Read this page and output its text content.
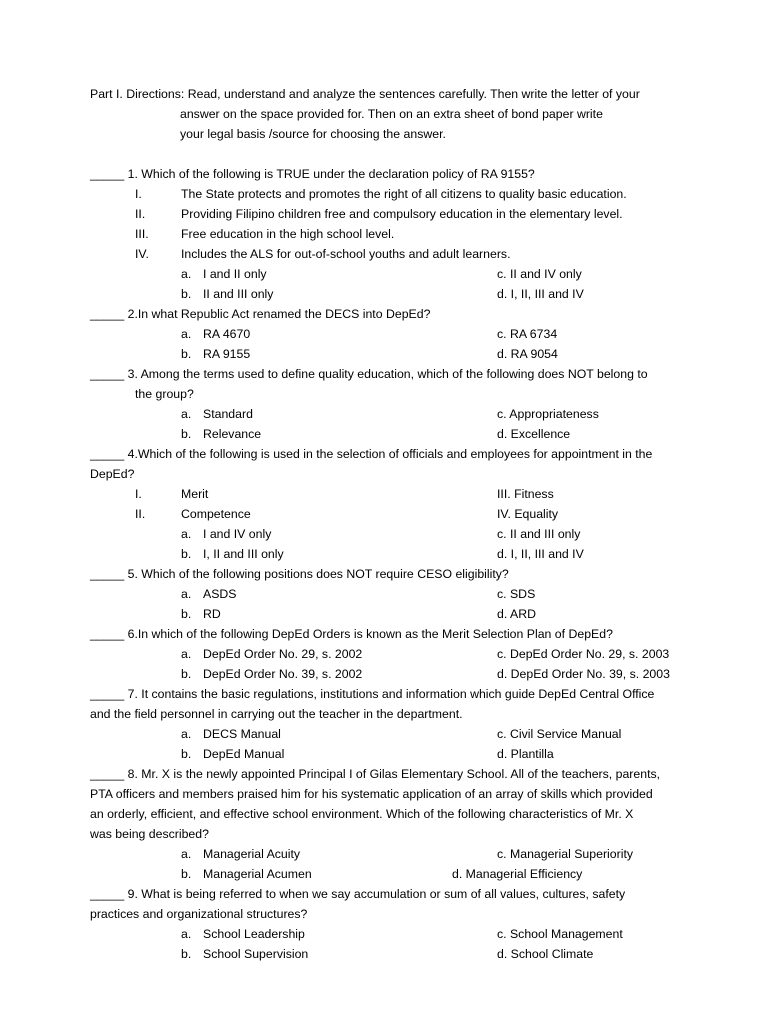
Part I. Directions: Read, understand and analyze the sentences carefully. Then write the letter of your
answer on the space provided for. Then on an extra sheet of bond paper write
your legal basis /source for choosing the answer.
_____ 1. Which of the following is TRUE under the declaration policy of RA 9155?
I.	The State protects and promotes the right of all citizens to quality basic education.
II.	Providing Filipino children free and compulsory education in the elementary level.
III.	Free education in the high school level.
IV.	Includes the ALS for out-of-school youths and adult learners.
a. I and II only	c. II and IV only
b. II and III only	d. I, II, III and IV
_____ 2.In what Republic Act renamed the DECS into DepEd?
a. RA 4670	c. RA 6734
b. RA 9155	d. RA 9054
_____ 3. Among the terms used to define quality education, which of the following does NOT belong to
the group?
a. Standard	c. Appropriateness
b. Relevance	d. Excellence
_____ 4.Which of the following is used in the selection of officials and employees for appointment in the
DepEd?
I.	Merit	III. Fitness
II.	Competence	IV. Equality
a. I and IV only	c. II and III only
b. I, II and III only	d. I, II, III and IV
_____ 5. Which of the following positions does NOT require CESO eligibility?
a. ASDS	c. SDS
b. RD	d. ARD
_____ 6.In which of the following DepEd Orders is known as the Merit Selection Plan of DepEd?
a. DepEd Order No. 29, s. 2002	c. DepEd Order No. 29, s. 2003
b. DepEd Order No. 39, s. 2002	d. DepEd Order No. 39, s. 2003
_____ 7. It contains the basic regulations, institutions and information which guide DepEd Central Office
and the field personnel in carrying out the teacher in the department.
a. DECS Manual	c. Civil Service Manual
b. DepEd Manual	d. Plantilla
_____ 8. Mr. X is the newly appointed Principal I of Gilas Elementary School. All of the teachers, parents,
PTA officers and members praised him for his systematic application of an array of skills which provided
an orderly, efficient, and effective school environment. Which of the following characteristics of Mr. X
was being described?
a. Managerial Acuity	c. Managerial Superiority
b. Managerial Acumen	d. Managerial Efficiency
_____ 9. What is being referred to when we say accumulation or sum of all values, cultures, safety
practices and organizational structures?
a. School Leadership	c. School Management
b. School Supervision	d. School Climate
